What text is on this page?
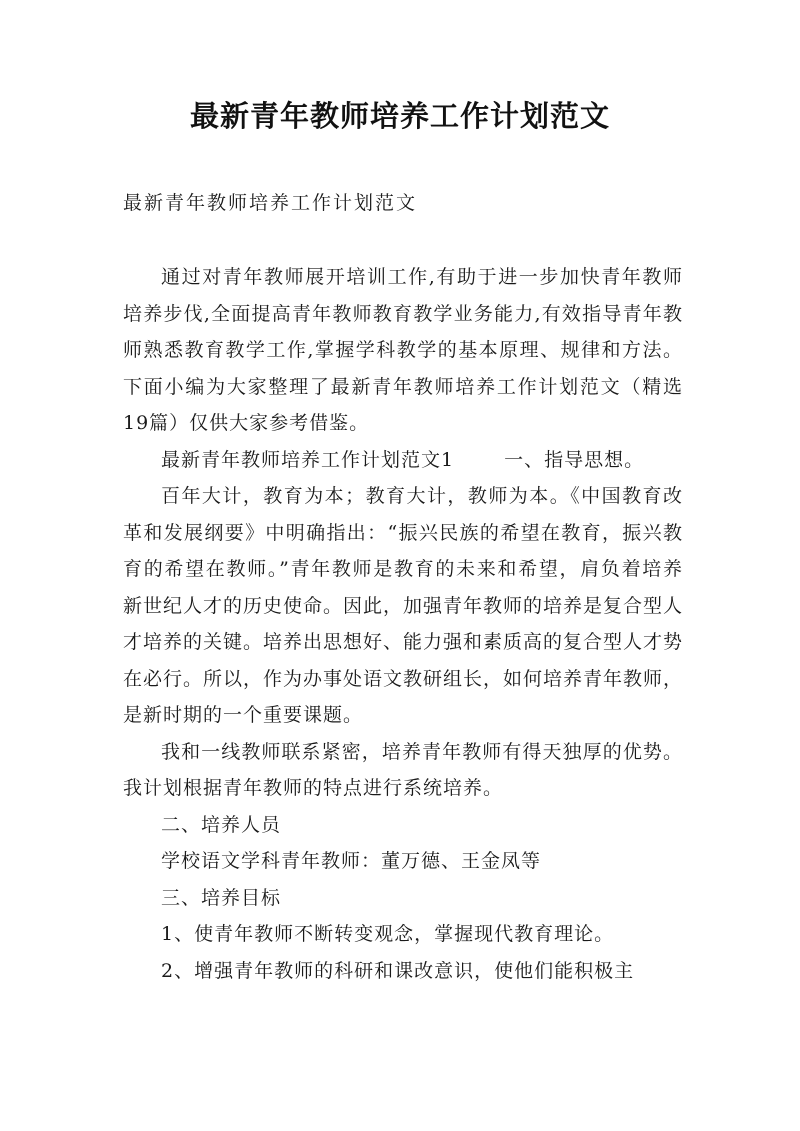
最新青年教师培养工作计划范文
最新青年教师培养工作计划范文

通过对青年教师展开培训工作,有助于进一步加快青年教师培养步伐,全面提高青年教师教育教学业务能力,有效指导青年教师熟悉教育教学工作,掌握学科教学的基本原理、规律和方法。下面小编为大家整理了最新青年教师培养工作计划范文（精选19篇）仅供大家参考借鉴。

最新青年教师培养工作计划范文1	一、指导思想。

百年大计，教育为本；教育大计，教师为本。《中国教育改革和发展纲要》中明确指出：“振兴民族的希望在教育，振兴教育的希望在教师。”青年教师是教育的未来和希望，肩负着培养新世纪人才的历史使命。因此，加强青年教师的培养是复合型人才培养的关键。培养出思想好、能力强和素质高的复合型人才势在必行。所以，作为办事处语文教研组长，如何培养青年教师，是新时期的一个重要课题。

我和一线教师联系紧密，培养青年教师有得天独厚的优势。我计划根据青年教师的特点进行系统培养。

二、培养人员

学校语文学科青年教师：董万德、王金凤等

三、培养目标

1、使青年教师不断转变观念，掌握现代教育理论。

2、增强青年教师的科研和课改意识，使他们能积极主
